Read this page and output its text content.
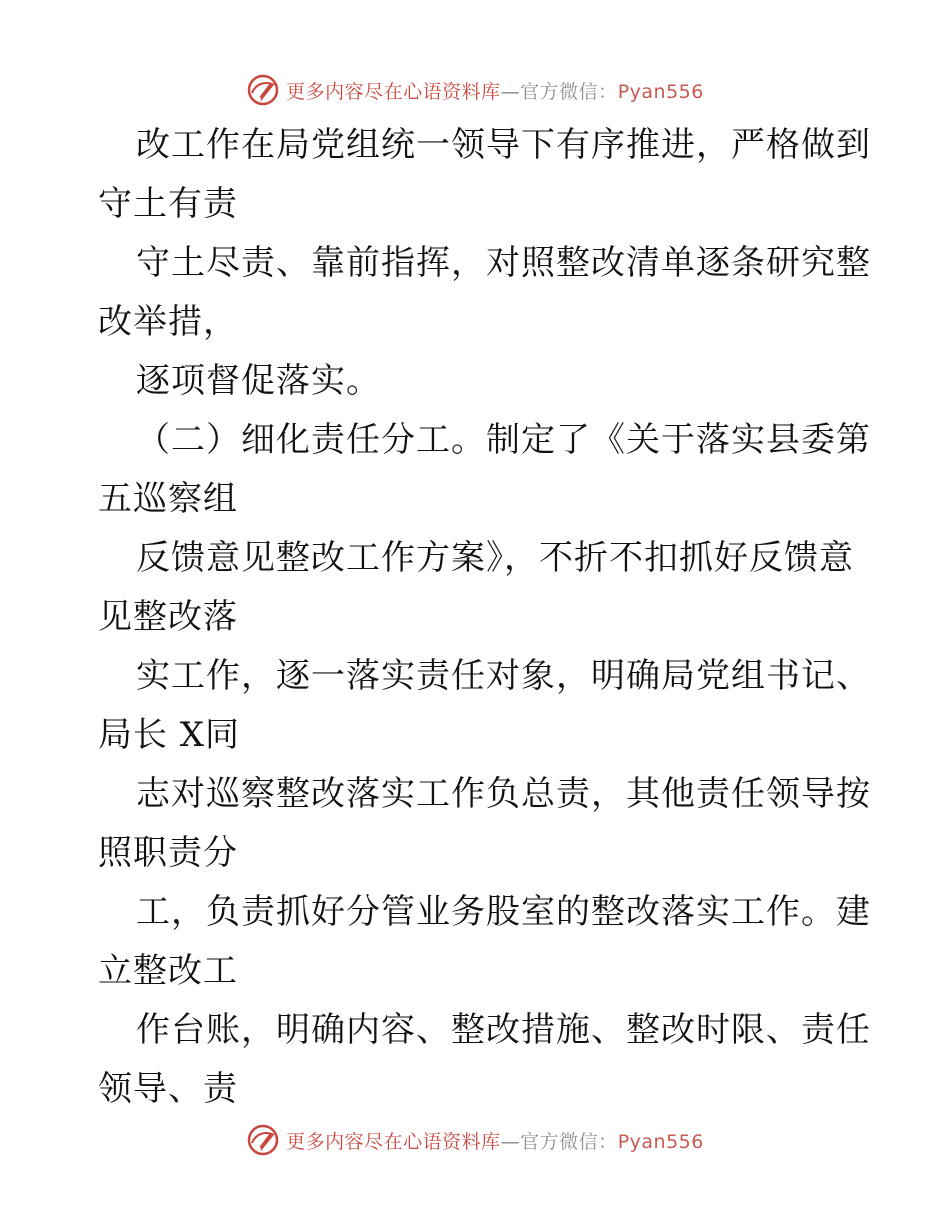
更多内容尽在心语资料库—官方微信：Pyan556
改工作在局党组统一领导下有序推进，严格做到
守土有责
守土尽责、靠前指挥，对照整改清单逐条研究整
改举措，
逐项督促落实。
（二）细化责任分工。制定了《关于落实县委第
五巡察组
反馈意见整改工作方案》，不折不扣抓好反馈意
见整改落
实工作，逐一落实责任对象，明确局党组书记、
局长 X同
志对巡察整改落实工作负总责，其他责任领导按
照职责分
工，负责抓好分管业务股室的整改落实工作。建
立整改工
作台账，明确内容、整改措施、整改时限、责任
领导、责
更多内容尽在心语资料库—官方微信：Pyan556
